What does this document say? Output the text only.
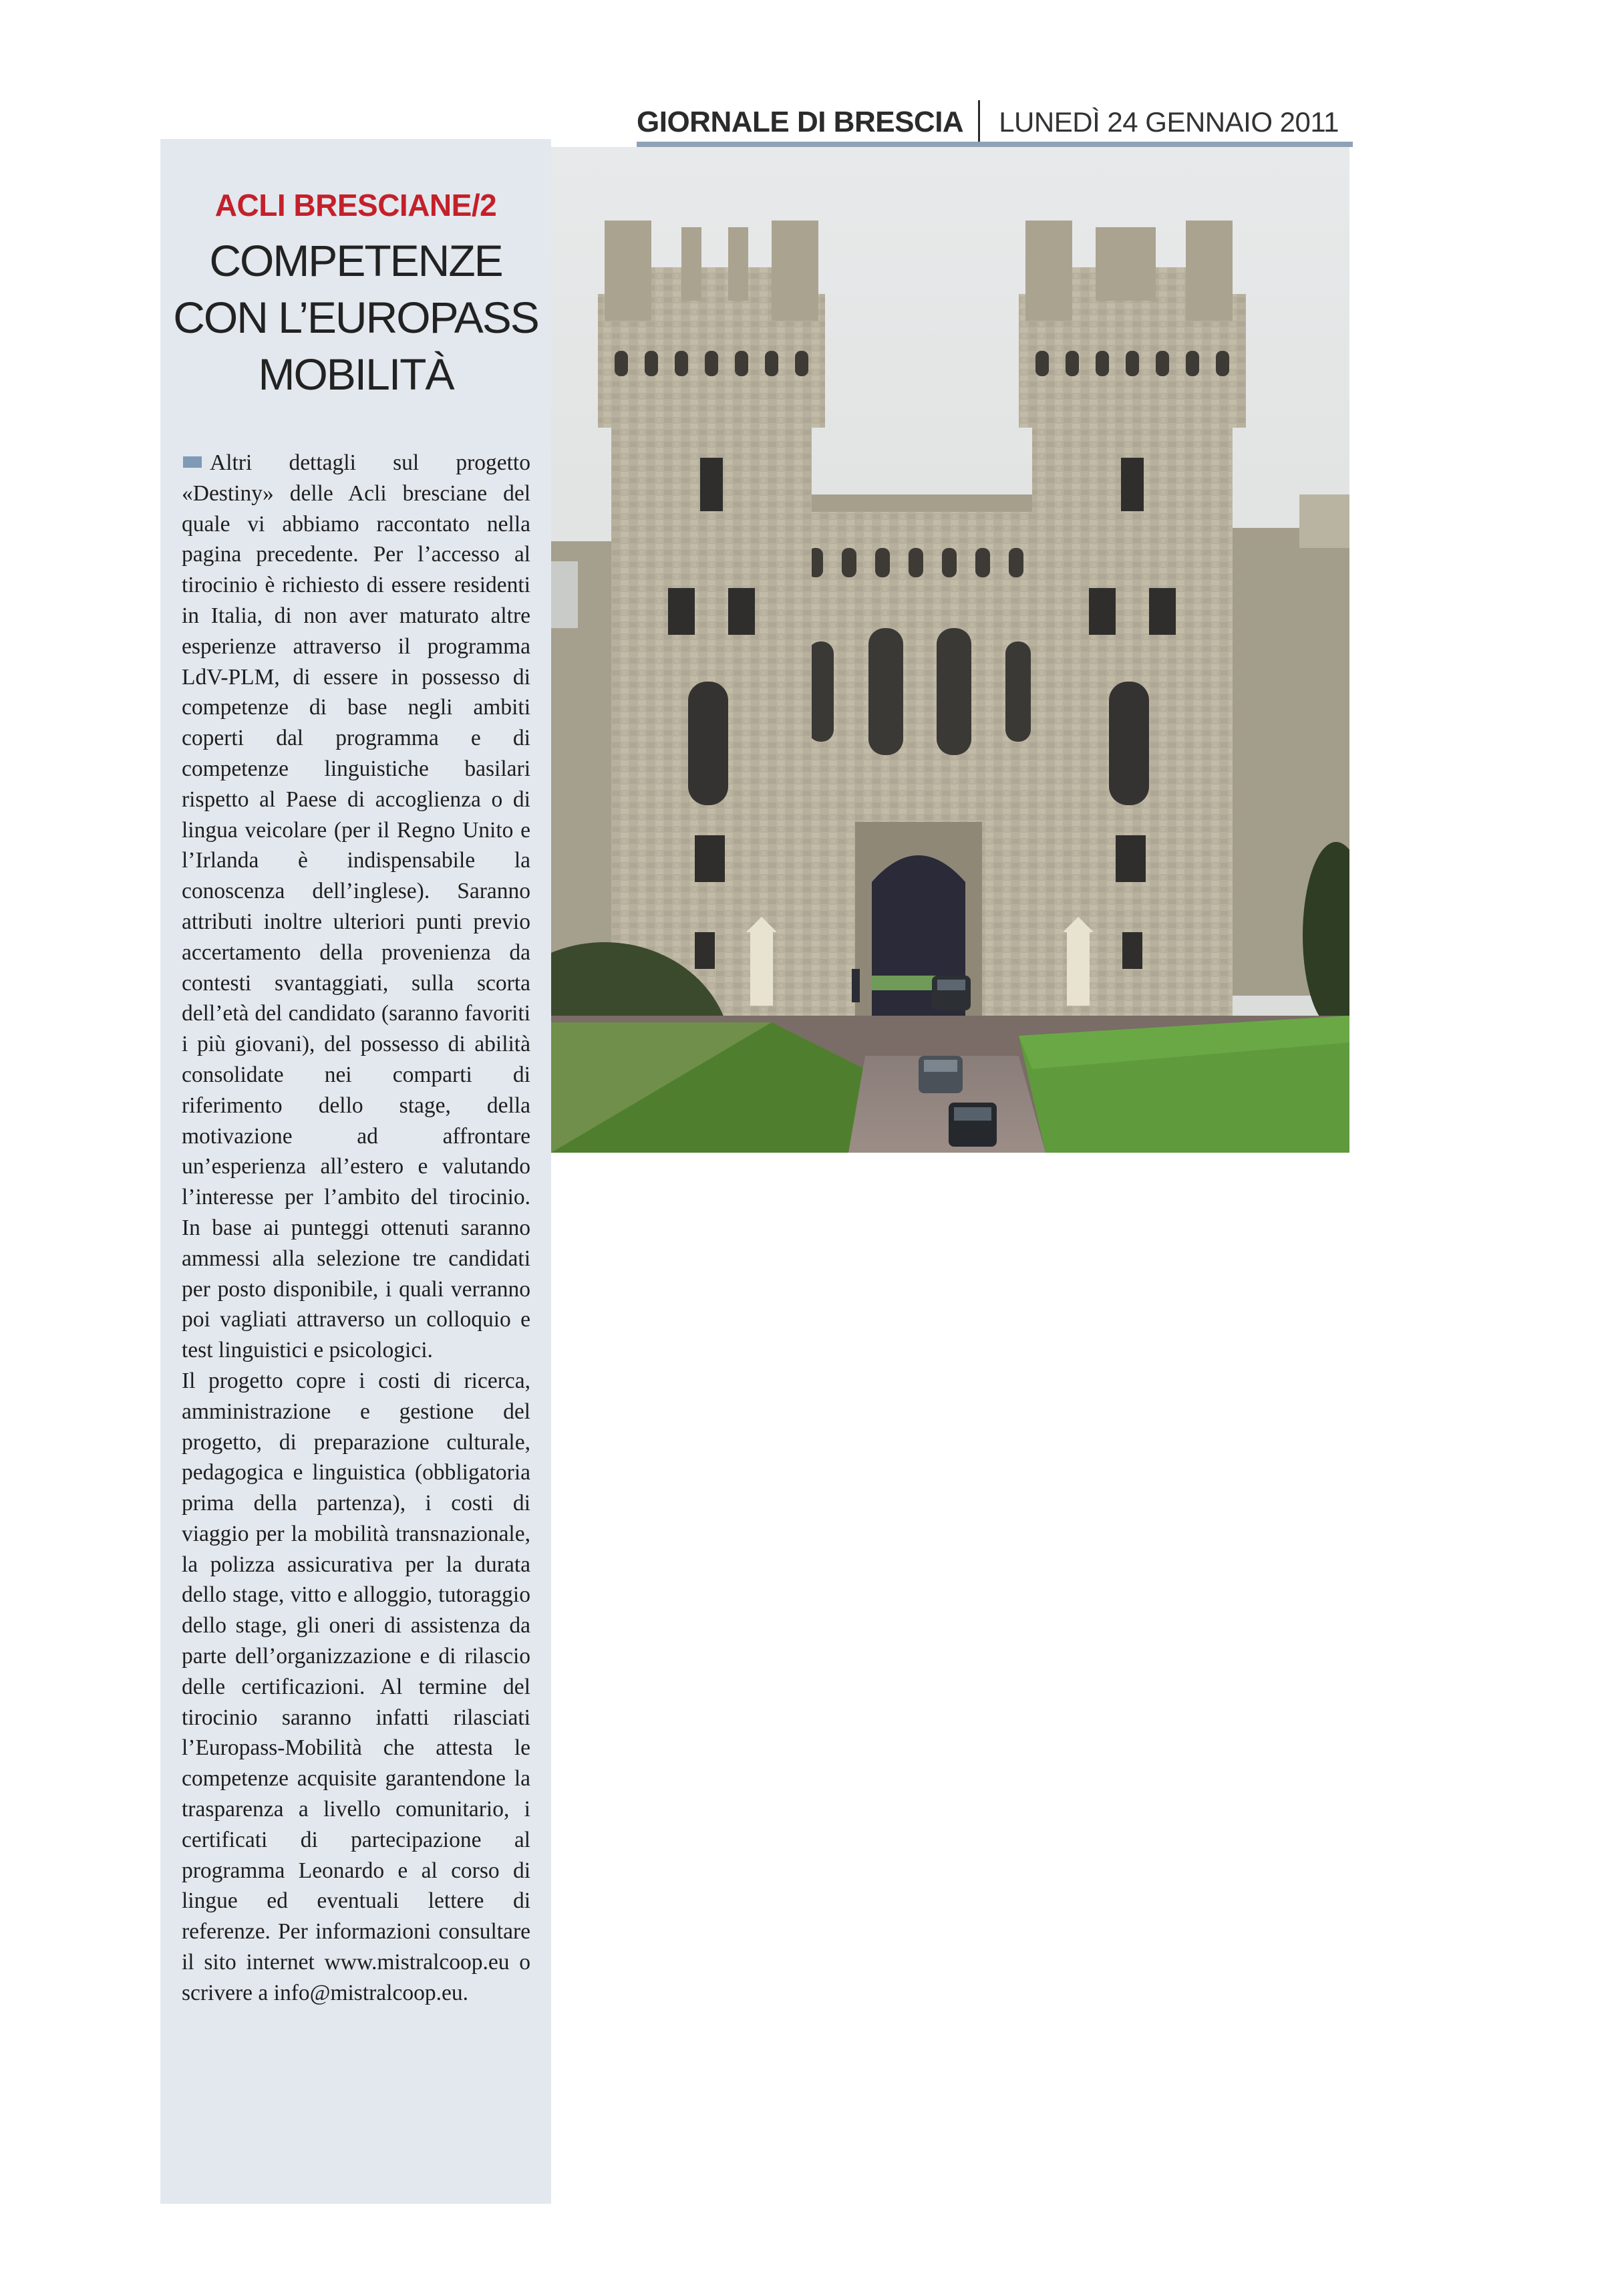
GIORNALE DI BRESCIA LUNEDÌ 24 GENNAIO 2011
ACLI BRESCIANE/2
COMPETENZE
CON L’EUROPASS
MOBILITÀ

Altri dettagli sul progetto «Destiny» delle Acli bresciane del quale vi abbiamo raccontato nella pagina precedente. Per l’accesso al tirocinio è richiesto di essere residenti in Italia, di non aver maturato altre esperienze attraverso il programma LdV-PLM, di essere in possesso di competenze di base negli ambiti coperti dal programma e di competenze linguistiche basilari rispetto al Paese di accoglienza o di lingua veicolare (per il Regno Unito e l’Irlanda è indispensabile la conoscenza dell’inglese). Saranno attributi inoltre ulteriori punti previo accertamento della provenienza da contesti svantaggiati, sulla scorta dell’età del candidato (saranno favoriti i più giovani), del possesso di abilità consolidate nei comparti di riferimento dello stage, della motivazione ad affrontare un’esperienza all’estero e valutando l’interesse per l’ambito del tirocinio. In base ai punteggi ottenuti saranno ammessi alla selezione tre candidati per posto disponibile, i quali verranno poi vagliati attraverso un colloquio e test linguistici e psicologici.

Il progetto copre i costi di ricerca, amministrazione e gestione del progetto, di preparazione culturale, pedagogica e linguistica (obbligatoria prima della partenza), i costi di viaggio per la mobilità transnazionale, la polizza assicurativa per la durata dello stage, vitto e alloggio, tutoraggio dello stage, gli oneri di assistenza da parte dell’organizzazione e di rilascio delle certificazioni. Al termine del tirocinio saranno infatti rilasciati l’Europass-Mobilità che attesta le competenze acquisite garantendone la trasparenza a livello comunitario, i certificati di partecipazione al programma Leonardo e al corso di lingue ed eventuali lettere di referenze. Per informazioni consultare il sito internet www.mistralcoop.eu o scrivere a info@mistralcoop.eu.
